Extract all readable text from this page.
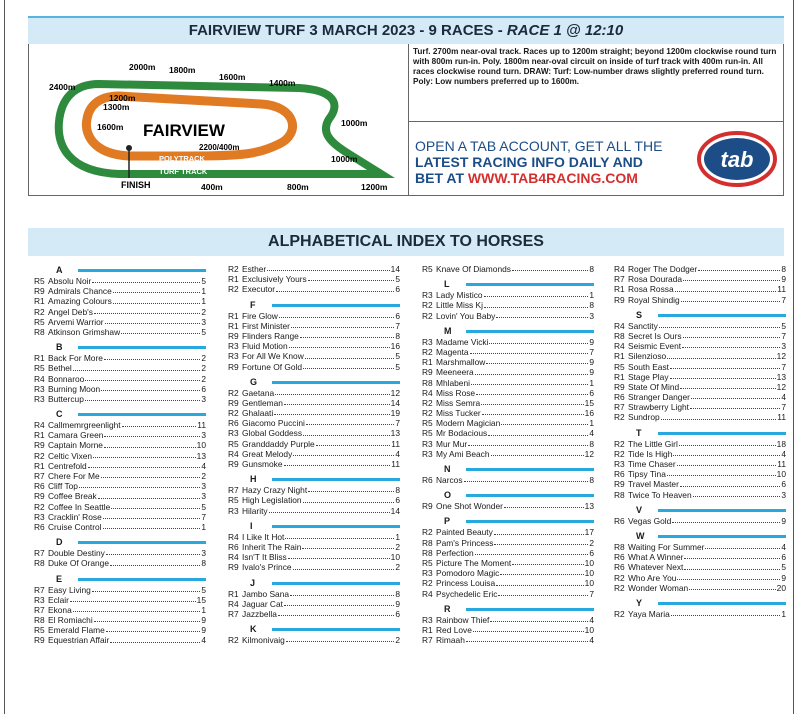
FAIRVIEW TURF 3 MARCH 2023 - 9 RACES - RACE 1 @ 12:10
2000m 1800m
1600m
1400m
2400m
1200m
1300m
1600m FAIRVIEW
2200/400m
POLYTRACK
TURF TRACK
1000m
1000m
FINISH	400m	800m	1200m
Turf. 2700m near-oval track. Races up to 1200m straight; beyond 1200m clockwise round turn with 800m run-in. Poly. 1800m near-oval circuit on inside of turf track with 400m run-in. All races clockwise round turn. DRAW: Turf: Low-number draws slightly preferred round turn. Poly: Low numbers preferred up to 1600m.
OPEN A TAB ACCOUNT, GET ALL THE
LATEST RACING INFO DAILY AND
BET AT WWW.TAB4RACING.COM
tab
ALPHABETICAL INDEX TO HORSES
A
R5 Absolu Noir	5
R9 Admirals Chance	1
R1 Amazing Colours	1
R2 Angel Deb's	2
R5 Arvemi Warrior	3
R8 Atkinson Grimshaw	5
B
R1 Back For More	2
R5 Bethel	2
R4 Bonnaroo	2
R3 Burning Moon	6
R3 Buttercup	3
C
R4 Callmemrgreenlight	11
R1 Camara Green	3
R9 Captain Morne	10
R2 Celtic Vixen	13
R1 Centrefold	4
R7 Chere For Me	2
R6 Cliff Top	3
R9 Coffee Break	3
R2 Coffee In Seattle	5
R3 Cracklin' Rose	7
R6 Cruise Control	1
D
R7 Double Destiny	3
R8 Duke Of Orange	8
E
R7 Easy Living	5
R3 Eclair	15
R7 Ekona	1
R8 El Romiachi	9
R5 Emerald Flame	9
R9 Equestrian Affair	4
R2 Esther	14
R1 Exclusively Yours	5
R2 Executor	6
F
R1 Fire Glow	6
R1 First Minister	7
R9 Flinders Range	8
R3 Fluid Motion	16
R3 For All We Know	5
R9 Fortune Of Gold	5
G
R2 Gaetana	12
R9 Gentleman	14
R2 Ghalaati	19
R6 Giacomo Puccini	7
R3 Global Goddess	13
R5 Granddaddy Purple	11
R4 Great Melody	4
R9 Gunsmoke	11
H
R7 Hazy Crazy Night	8
R5 High Legislation	6
R3 Hilarity	14
I
R4 I Like It Hot	1
R6 Inherit The Rain	2
R4 Isn'T It Bliss	10
R9 Ivalo's Prince	2
J
R1 Jambo Sana	8
R4 Jaguar Cat	9
R7 Jazzbella	6
K
R2 Kilmonivaig	2
R5 Knave Of Diamonds	8
L
R3 Lady Mistico	1
R2 Little Miss Kj	8
R2 Lovin' You Baby	3
M
R3 Madame Vicki	9
R2 Magenta	7
R1 Marshmallow	9
R9 Meeneera	9
R8 Mhlabeni	1
R4 Miss Rose	6
R2 Miss Semra	15
R2 Miss Tucker	16
R5 Modern Magician	1
R5 Mr Bodacious	4
R3 Mur Mur	8
R3 My Ami Beach	12
N
R6 Narcos	8
O
R9 One Shot Wonder	13
P
R2 Painted Beauty	17
R8 Pam's Princess	2
R8 Perfection	6
R5 Picture The Moment	10
R3 Pomodoro Magic	10
R2 Princess Louisa	10
R4 Psychedelic Eric	7
R
R3 Rainbow Thief	4
R1 Red Love	10
R7 Rimaah	4
R4 Roger The Dodger	8
R7 Rosa Dourada	9
R1 Rosa Rossa	11
R9 Royal Shindig	7
S
R4 Sanctity	5
R8 Secret Is Ours	7
R4 Seismic Event	3
R1 Silenzioso	12
R5 South East	7
R1 Stage Play	13
R9 State Of Mind	12
R6 Stranger Danger	4
R7 Strawberry Light	7
R2 Sundrop	11
T
R2 The Little Girl	18
R2 Tide Is High	4
R3 Time Chaser	11
R6 Tipsy Tina	10
R9 Travel Master	6
R8 Twice To Heaven	3
V
R6 Vegas Gold	9
W
R8 Waiting For Summer	4
R6 What A Winner	6
R6 Whatever Next	5
R2 Who Are You	9
R2 Wonder Woman	20
Y
R2 Yaya Maria	1
